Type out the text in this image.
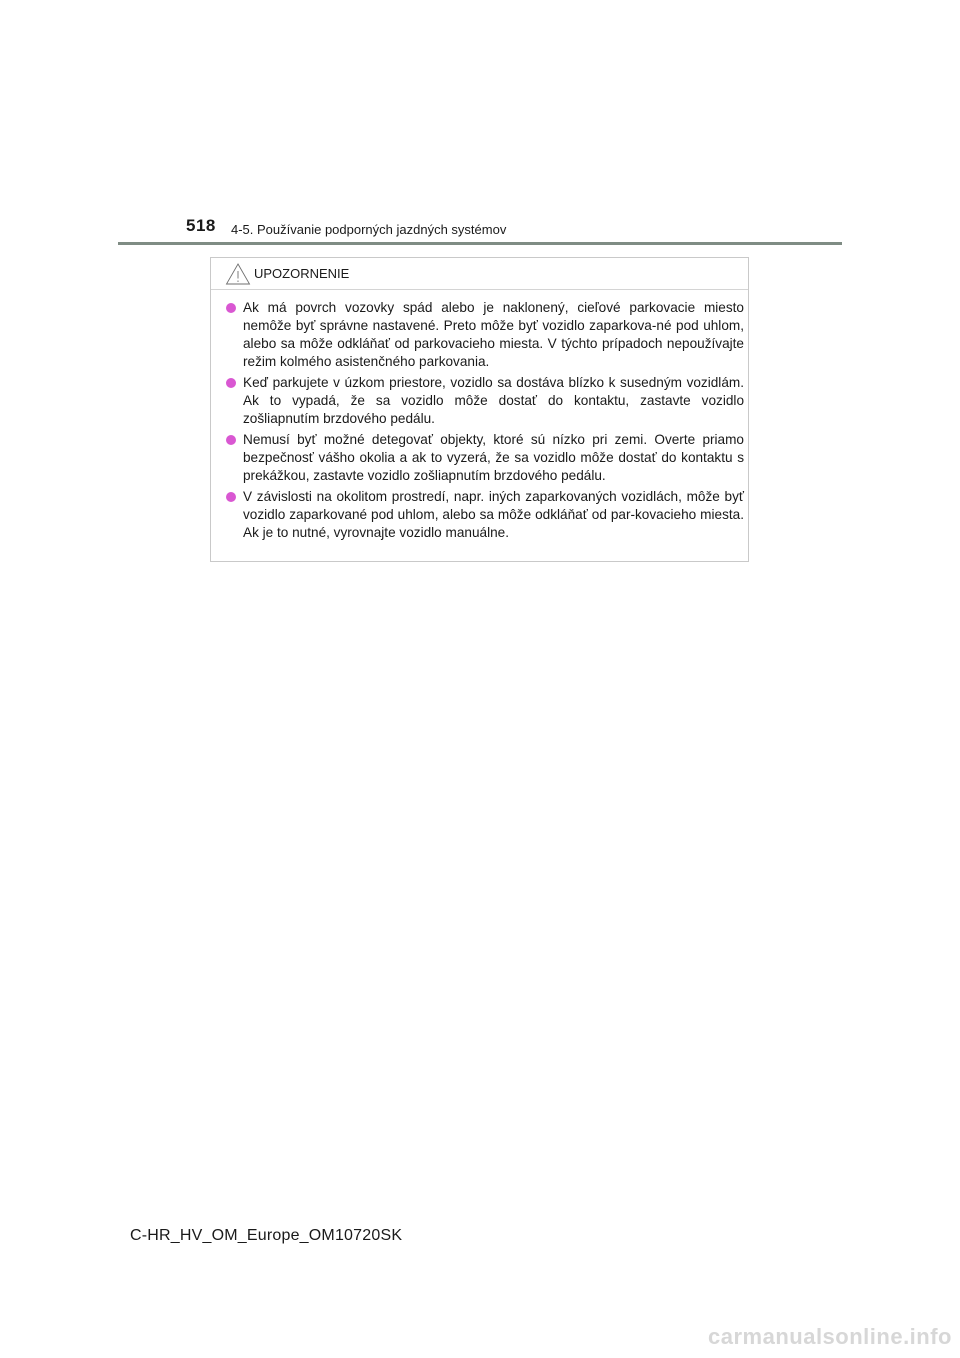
518 4-5. Používanie podporných jazdných systémov
UPOZORNENIE
Ak má povrch vozovky spád alebo je naklonený, cieľové parkovacie miesto nemôže byť správne nastavené. Preto môže byť vozidlo zaparkova-né pod uhlom, alebo sa môže odkláňať od parkovacieho miesta. V týchto prípadoch nepoužívajte režim kolmého asistenčného parkovania.
Keď parkujete v úzkom priestore, vozidlo sa dostáva blízko k susedným vozidlám. Ak to vypadá, že sa vozidlo môže dostať do kontaktu, zastavte vozidlo zošliapnutím brzdového pedálu.
Nemusí byť možné detegovať objekty, ktoré sú nízko pri zemi. Overte priamo bezpečnosť vášho okolia a ak to vyzerá, že sa vozidlo môže dostať do kontaktu s prekážkou, zastavte vozidlo zošliapnutím brzdového pedálu.
V závislosti na okolitom prostredí, napr. iných zaparkovaných vozidlách, môže byť vozidlo zaparkované pod uhlom, alebo sa môže odkláňať od par-kovacieho miesta. Ak je to nutné, vyrovnajte vozidlo manuálne.
C-HR_HV_OM_Europe_OM10720SK
carmanualsonline.info
